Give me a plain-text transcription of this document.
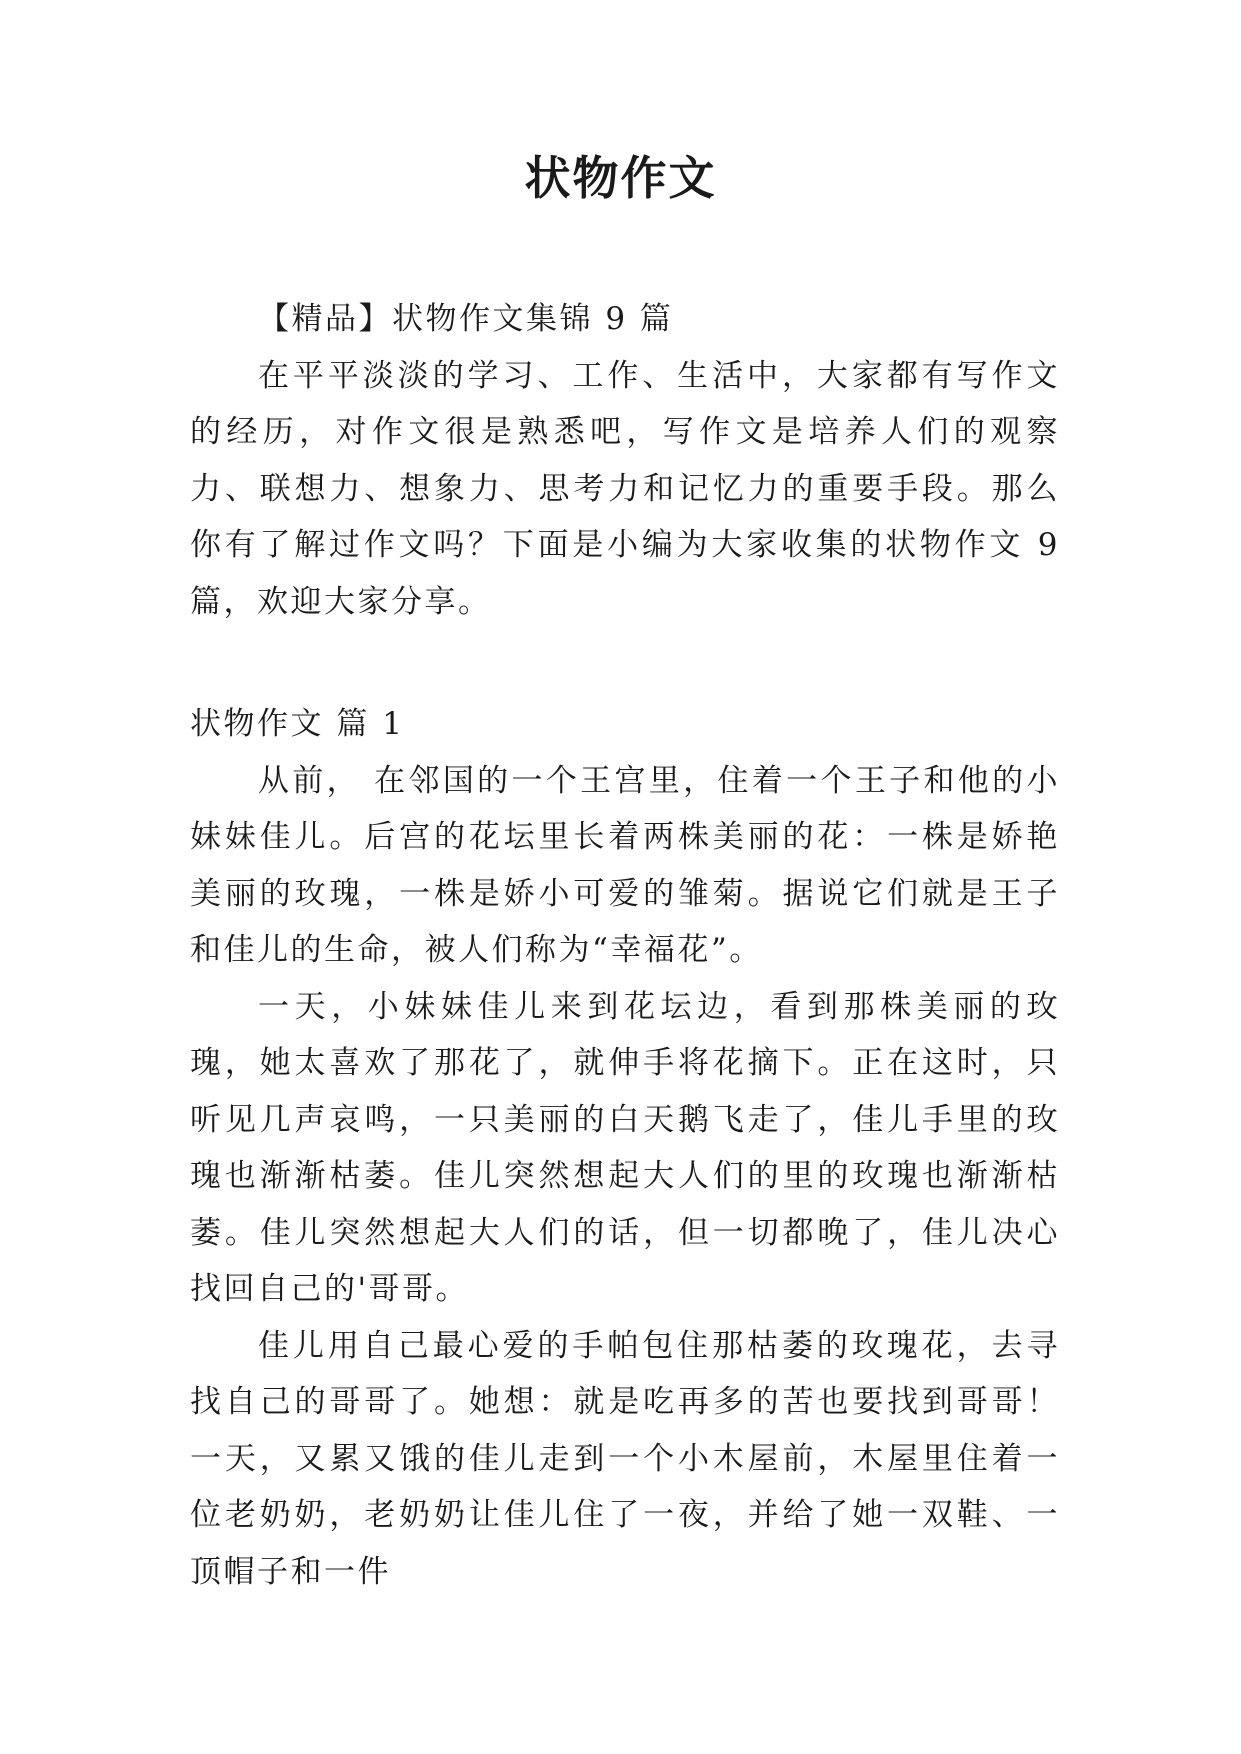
状物作文

【精品】状物作文集锦 9 篇

在平平淡淡的学习、工作、生活中，大家都有写作文的经历，对作文很是熟悉吧，写作文是培养人们的观察力、联想力、想象力、思考力和记忆力的重要手段。那么你有了解过作文吗？下面是小编为大家收集的状物作文 9 篇，欢迎大家分享。

状物作文 篇 1

从前， 在邻国的一个王宫里，住着一个王子和他的小妹妹佳儿。后宫的花坛里长着两株美丽的花：一株是娇艳美丽的玫瑰，一株是娇小可爱的雏菊。据说它们就是王子和佳儿的生命，被人们称为“幸福花”。

一天，小妹妹佳儿来到花坛边，看到那株美丽的玫瑰，她太喜欢了那花了，就伸手将花摘下。正在这时，只听见几声哀鸣，一只美丽的白天鹅飞走了，佳儿手里的玫瑰也渐渐枯萎。佳儿突然想起大人们的里的玫瑰也渐渐枯萎。佳儿突然想起大人们的话，但一切都晚了，佳儿决心找回自己的'哥哥。

佳儿用自己最心爱的手帕包住那枯萎的玫瑰花，去寻找自己的哥哥了。她想：就是吃再多的苦也要找到哥哥！一天，又累又饿的佳儿走到一个小木屋前，木屋里住着一位老奶奶，老奶奶让佳儿住了一夜，并给了她一双鞋、一顶帽子和一件
